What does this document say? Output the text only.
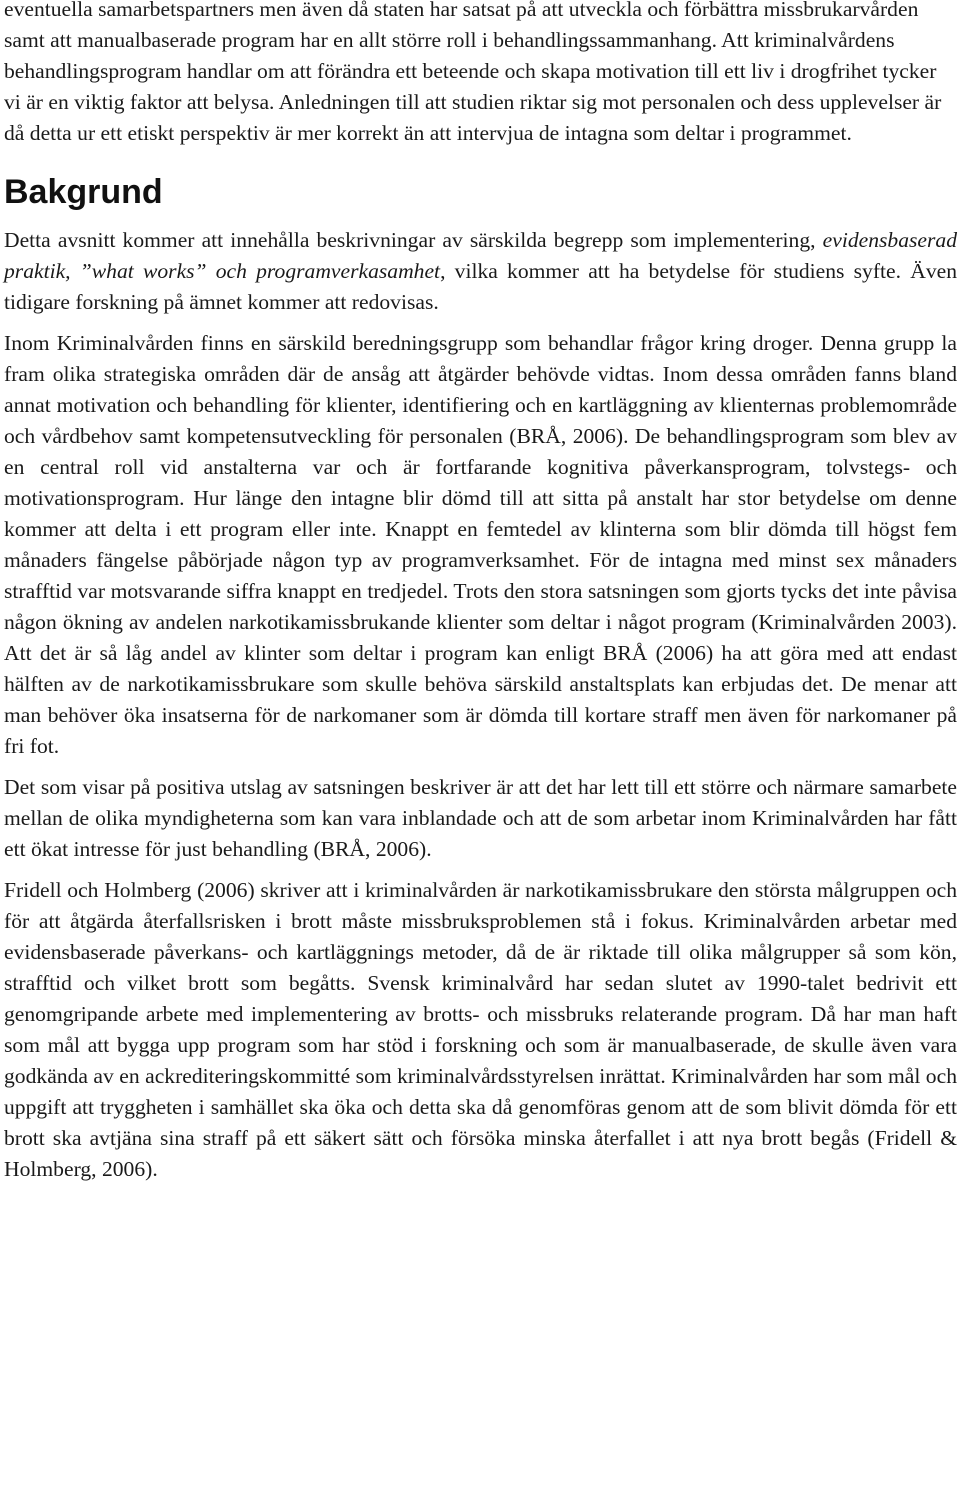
eventuella samarbetspartners men även då staten har satsat på att utveckla och förbättra missbrukarvården samt att manualbaserade program har en allt större roll i behandlingssammanhang. Att kriminalvårdens behandlingsprogram handlar om att förändra ett beteende och skapa motivation till ett liv i drogfrihet tycker vi är en viktig faktor att belysa. Anledningen till att studien riktar sig mot personalen och dess upplevelser är då detta ur ett etiskt perspektiv är mer korrekt än att intervjua de intagna som deltar i programmet.

Bakgrund

Detta avsnitt kommer att innehålla beskrivningar av särskilda begrepp som implementering, evidensbaserad praktik, ”what works” och programverkasamhet, vilka kommer att ha betydelse för studiens syfte. Även tidigare forskning på ämnet kommer att redovisas.

Inom Kriminalvården finns en särskild beredningsgrupp som behandlar frågor kring droger. Denna grupp la fram olika strategiska områden där de ansåg att åtgärder behövde vidtas. Inom dessa områden fanns bland annat motivation och behandling för klienter, identifiering och en kartläggning av klienternas problemområde och vårdbehov samt kompetensutveckling för personalen (BRÅ, 2006). De behandlingsprogram som blev av en central roll vid anstalterna var och är fortfarande kognitiva påverkansprogram, tolvstegs- och motivationsprogram. Hur länge den intagne blir dömd till att sitta på anstalt har stor betydelse om denne kommer att delta i ett program eller inte. Knappt en femtedel av klinterna som blir dömda till högst fem månaders fängelse påbörjade någon typ av programverksamhet. För de intagna med minst sex månaders strafftid var motsvarande siffra knappt en tredjedel. Trots den stora satsningen som gjorts tycks det inte påvisa någon ökning av andelen narkotikamissbrukande klienter som deltar i något program (Kriminalvården 2003). Att det är så låg andel av klinter som deltar i program kan enligt BRÅ (2006) ha att göra med att endast hälften av de narkotikamissbrukare som skulle behöva särskild anstaltsplats kan erbjudas det. De menar att man behöver öka insatserna för de narkomaner som är dömda till kortare straff men även för narkomaner på fri fot.

Det som visar på positiva utslag av satsningen beskriver är att det har lett till ett större och närmare samarbete mellan de olika myndigheterna som kan vara inblandade och att de som arbetar inom Kriminalvården har fått ett ökat intresse för just behandling (BRÅ, 2006).

Fridell och Holmberg (2006) skriver att i kriminalvården är narkotikamissbrukare den största målgruppen och för att åtgärda återfallsrisken i brott måste missbruksproblemen stå i fokus. Kriminalvården arbetar med evidensbaserade påverkans- och kartläggnings metoder, då de är riktade till olika målgrupper så som kön, strafftid och vilket brott som begåtts. Svensk kriminalvård har sedan slutet av 1990-talet bedrivit ett genomgripande arbete med implementering av brotts- och missbruks relaterande program. Då har man haft som mål att bygga upp program som har stöd i forskning och som är manualbaserade, de skulle även vara godkända av en ackrediteringskommitté som kriminalvårdsstyrelsen inrättat. Kriminalvården har som mål och uppgift att tryggheten i samhället ska öka och detta ska då genomföras genom att de som blivit dömda för ett brott ska avtjäna sina straff på ett säkert sätt och försöka minska återfallet i att nya brott begås (Fridell & Holmberg, 2006).
